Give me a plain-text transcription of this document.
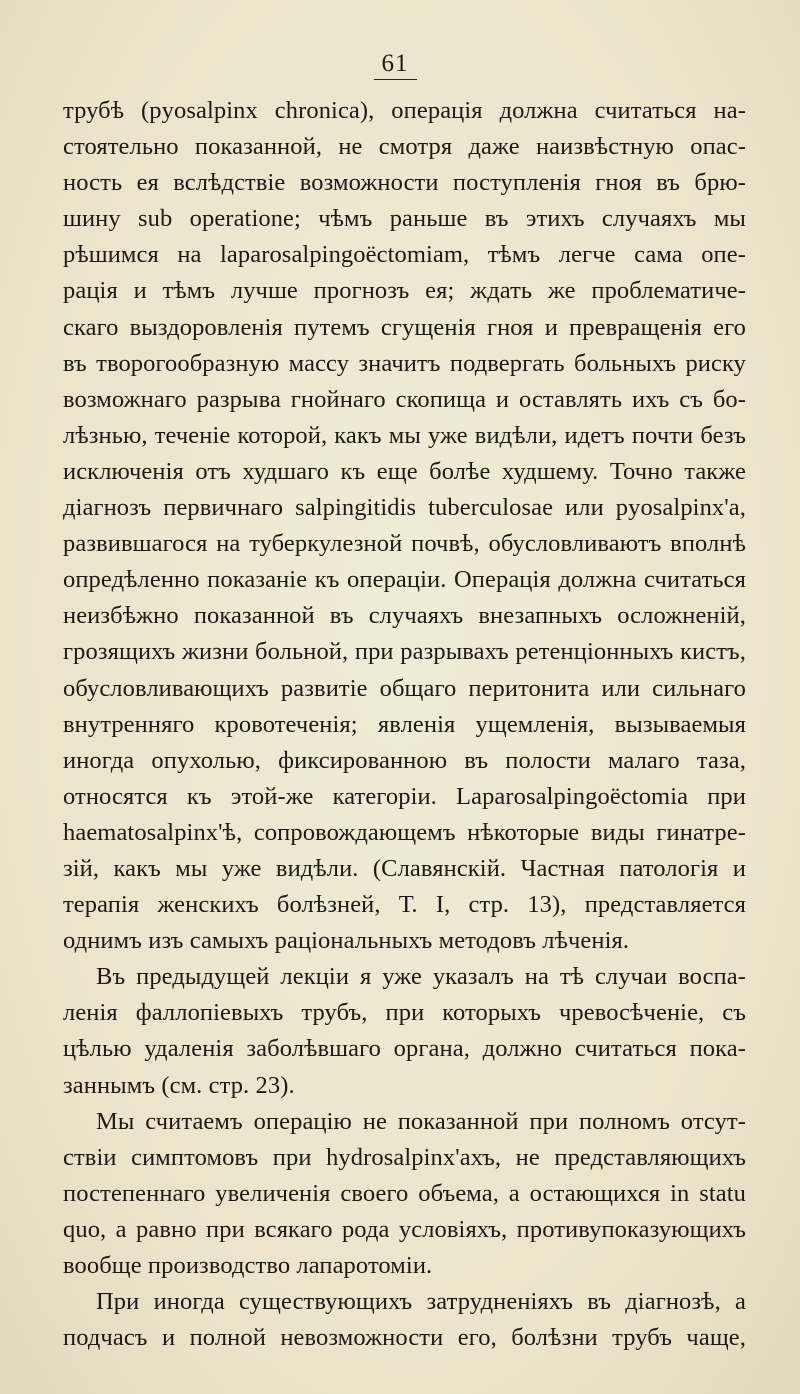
61
трубѣ (pyosalpinx chronica), операція должна считаться на-
стоятельно показанной, не смотря даже наизвѣстную опас-
ность ея вслѣдствіе возможности поступленія гноя въ брю-
шину sub operatione; чѣмъ раньше въ этихъ случаяхъ мы
рѣшимся на laparosalpingoëctomiam, тѣмъ легче сама опе-
рація и тѣмъ лучше прогнозъ ея; ждать же проблематиче-
скаго выздоровленія путемъ сгущенія гноя и превращенія его
въ творогообразную массу значитъ подвергать больныхъ риску
возможнаго разрыва гнойнаго скопища и оставлять ихъ съ бо-
лѣзнью, теченіе которой, какъ мы уже видѣли, идетъ почти безъ
исключенія отъ худшаго къ еще болѣе худшему. Точно также
діагнозъ первичнаго salpingitidis tuberculosae или pyosalpinx'а,
развившагося на туберкулезной почвѣ, обусловливаютъ вполнѣ
опредѣленно показаніе къ операціи. Операція должна считаться
неизбѣжно показанной въ случаяхъ внезапныхъ осложненій,
грозящихъ жизни больной, при разрывахъ ретенціонныхъ кистъ,
обусловливающихъ развитіе общаго перитонита или сильнаго
внутренняго кровотеченія; явленія ущемленія, вызываемыя
иногда опухолью, фиксированною въ полости малаго таза,
относятся къ этой-же категоріи. Laparosalpingoëctomia при
haematosalpinx'ѣ, сопровождающемъ нѣкоторые виды гинатре-
зій, какъ мы уже видѣли. (Славянскій. Частная патологія и
терапія женскихъ болѣзней, Т. I, стр. 13), представляется
однимъ изъ самыхъ раціональныхъ методовъ лѣченія.
Въ предыдущей лекціи я уже указалъ на тѣ случаи воспа-
ленія фаллопіевыхъ трубъ, при которыхъ чревосѣченіе, съ
цѣлью удаленія заболѣвшаго органа, должно считаться пока-
заннымъ (см. стр. 23).
Мы считаемъ операцію не показанной при полномъ отсут-
ствіи симптомовъ при hydrosalpinx'ахъ, не представляющихъ
постепеннаго увеличенія своего объема, а остающихся in statu
quo, а равно при всякаго рода условіяхъ, противупоказующихъ
вообще производство лапаротоміи.
При иногда существующихъ затрудненіяхъ въ діагнозѣ, а
подчасъ и полной невозможности его, болѣзни трубъ чаще,
